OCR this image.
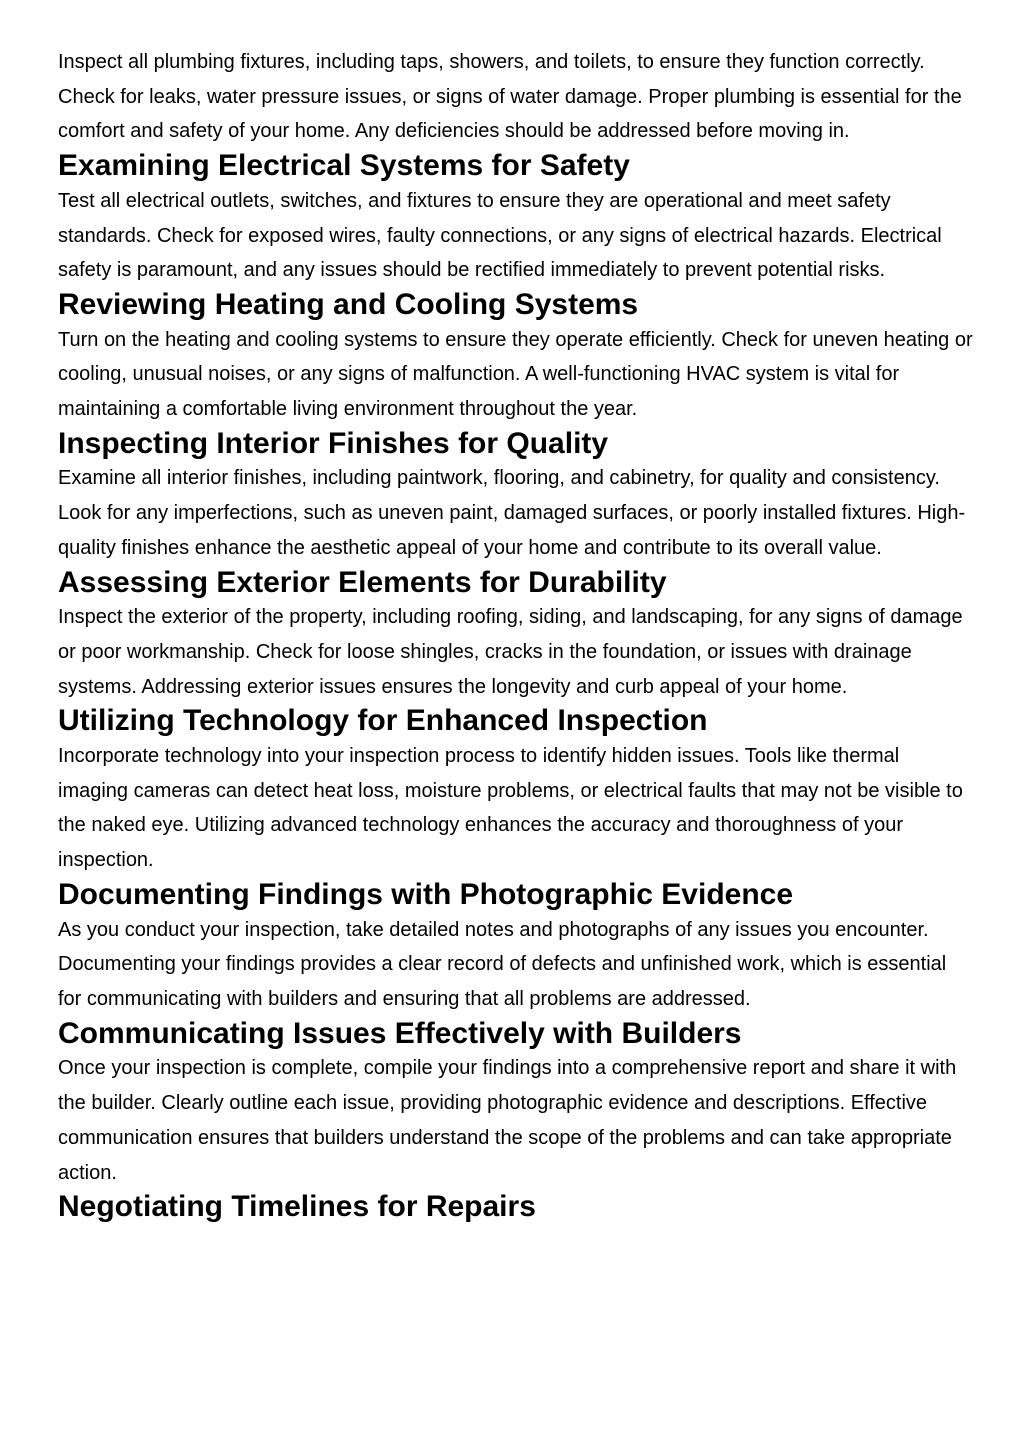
Inspect all plumbing fixtures, including taps, showers, and toilets, to ensure they function correctly. Check for leaks, water pressure issues, or signs of water damage. Proper plumbing is essential for the comfort and safety of your home. Any deficiencies should be addressed before moving in.

Examining Electrical Systems for Safety

Test all electrical outlets, switches, and fixtures to ensure they are operational and meet safety standards. Check for exposed wires, faulty connections, or any signs of electrical hazards. Electrical safety is paramount, and any issues should be rectified immediately to prevent potential risks.

Reviewing Heating and Cooling Systems

Turn on the heating and cooling systems to ensure they operate efficiently. Check for uneven heating or cooling, unusual noises, or any signs of malfunction. A well-functioning HVAC system is vital for maintaining a comfortable living environment throughout the year.

Inspecting Interior Finishes for Quality

Examine all interior finishes, including paintwork, flooring, and cabinetry, for quality and consistency. Look for any imperfections, such as uneven paint, damaged surfaces, or poorly installed fixtures. High-quality finishes enhance the aesthetic appeal of your home and contribute to its overall value.

Assessing Exterior Elements for Durability

Inspect the exterior of the property, including roofing, siding, and landscaping, for any signs of damage or poor workmanship. Check for loose shingles, cracks in the foundation, or issues with drainage systems. Addressing exterior issues ensures the longevity and curb appeal of your home.

Utilizing Technology for Enhanced Inspection

Incorporate technology into your inspection process to identify hidden issues. Tools like thermal imaging cameras can detect heat loss, moisture problems, or electrical faults that may not be visible to the naked eye. Utilizing advanced technology enhances the accuracy and thoroughness of your inspection.

Documenting Findings with Photographic Evidence

As you conduct your inspection, take detailed notes and photographs of any issues you encounter. Documenting your findings provides a clear record of defects and unfinished work, which is essential for communicating with builders and ensuring that all problems are addressed.

Communicating Issues Effectively with Builders

Once your inspection is complete, compile your findings into a comprehensive report and share it with the builder. Clearly outline each issue, providing photographic evidence and descriptions. Effective communication ensures that builders understand the scope of the problems and can take appropriate action.

Negotiating Timelines for Repairs
